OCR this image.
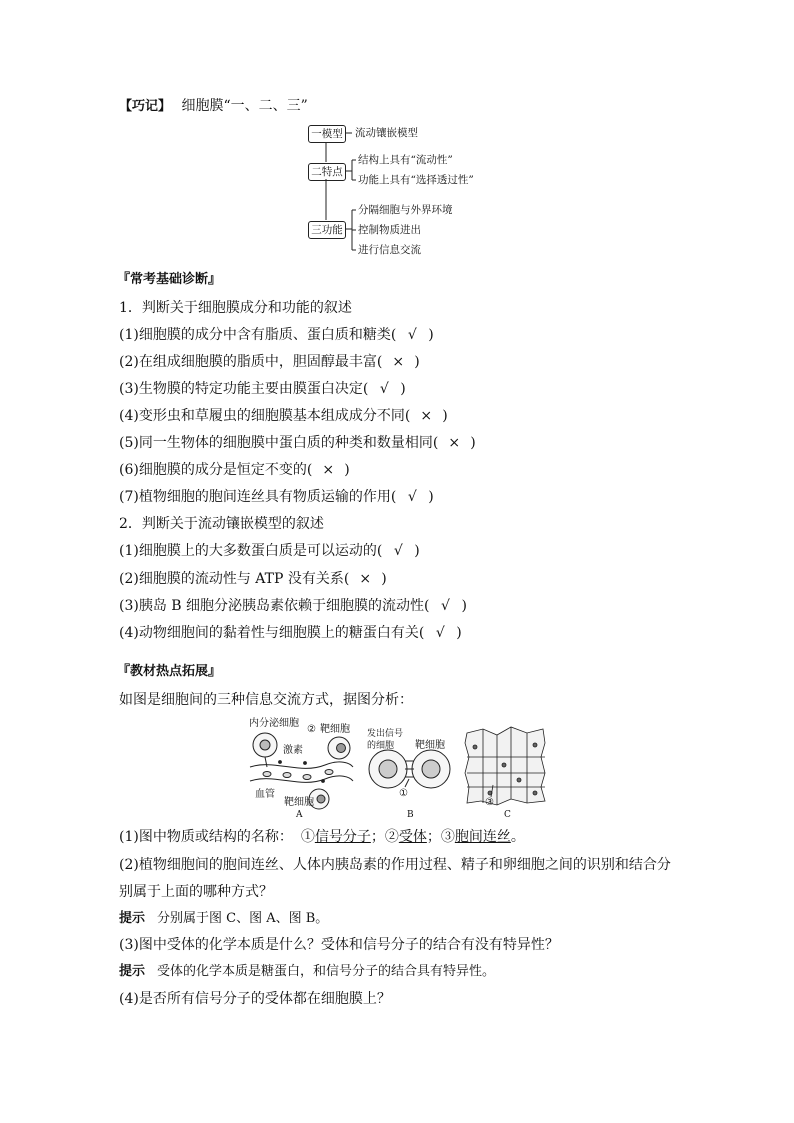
【巧记】 细胞膜“一、二、三”
一模型
二特点
三功能
流动镶嵌模型
结构上具有“流动性”
功能上具有“选择透过性”
分隔细胞与外界环境
控制物质进出
进行信息交流
『常考基础诊断』
1．判断关于细胞膜成分和功能的叙述
(1)细胞膜的成分中含有脂质、蛋白质和糖类( √ )
(2)在组成细胞膜的脂质中，胆固醇最丰富( × )
(3)生物膜的特定功能主要由膜蛋白决定( √ )
(4)变形虫和草履虫的细胞膜基本组成成分不同( × )
(5)同一生物体的细胞膜中蛋白质的种类和数量相同( × )
(6)细胞膜的成分是恒定不变的( × )
(7)植物细胞的胞间连丝具有物质运输的作用( √ )
2．判断关于流动镶嵌模型的叙述
(1)细胞膜上的大多数蛋白质是可以运动的( √ )
(2)细胞膜的流动性与 ATP 没有关系( × )
(3)胰岛 B 细胞分泌胰岛素依赖于细胞膜的流动性( √ )
(4)动物细胞间的黏着性与细胞膜上的糖蛋白有关( √ )
『教材热点拓展』
如图是细胞间的三种信息交流方式，据图分析：
内分泌细胞
② 靶细胞
激素
血管
靶细胞
A
发出信号
的细胞 靶细胞
①
B
③
C
(1)图中物质或结构的名称： ①信号分子；②受体；③胞间连丝。
(2)植物细胞间的胞间连丝、人体内胰岛素的作用过程、精子和卵细胞之间的识别和结合分
别属于上面的哪种方式？
提示 分别属于图 C、图 A、图 B。
(3)图中受体的化学本质是什么？受体和信号分子的结合有没有特异性？
提示 受体的化学本质是糖蛋白，和信号分子的结合具有特异性。
(4)是否所有信号分子的受体都在细胞膜上？
